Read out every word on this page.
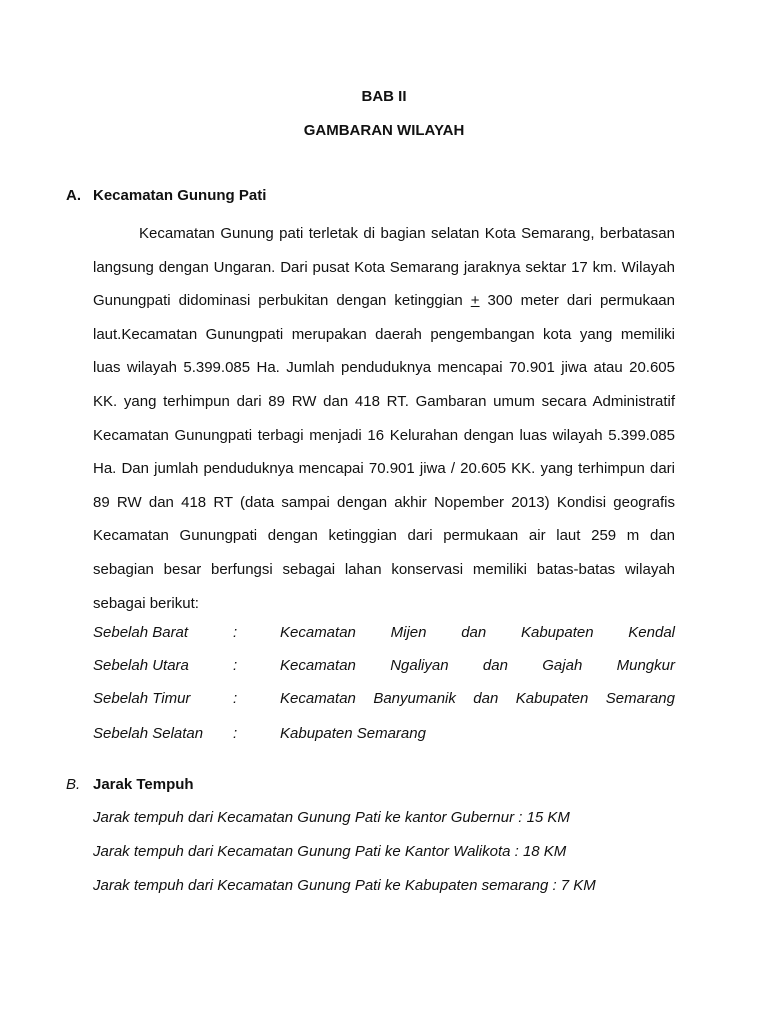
BAB II
GAMBARAN WILAYAH
A. Kecamatan Gunung Pati

Kecamatan Gunung pati terletak di bagian selatan Kota Semarang, berbatasan langsung dengan Ungaran. Dari pusat Kota Semarang jaraknya sektar 17 km. Wilayah Gunungpati didominasi perbukitan dengan ketinggian + 300 meter dari permukaan laut.Kecamatan Gunungpati merupakan daerah pengembangan kota yang memiliki luas wilayah 5.399.085 Ha. Jumlah penduduknya mencapai 70.901 jiwa atau 20.605 KK. yang terhimpun dari 89 RW dan 418 RT. Gambaran umum secara Administratif Kecamatan Gunungpati terbagi menjadi 16 Kelurahan dengan luas wilayah 5.399.085 Ha. Dan jumlah penduduknya mencapai 70.901 jiwa / 20.605 KK. yang terhimpun dari 89 RW dan 418 RT (data sampai dengan akhir Nopember 2013) Kondisi geografis Kecamatan Gunungpati dengan ketinggian dari permukaan air laut 259 m dan sebagian besar berfungsi sebagai lahan konservasi memiliki batas-batas wilayah sebagai berikut:

Sebelah Barat	:	Kecamatan Mijen dan Kabupaten Kendal
Sebelah Utara	:	Kecamatan Ngaliyan dan Gajah Mungkur
Sebelah Timur	:	Kecamatan Banyumanik dan Kabupaten Semarang
Sebelah Selatan :	Kabupaten Semarang
B. Jarak Tempuh

Jarak tempuh dari Kecamatan Gunung Pati ke kantor Gubernur : 15 KM

Jarak tempuh dari Kecamatan Gunung Pati ke Kantor Walikota : 18 KM

Jarak tempuh dari Kecamatan Gunung Pati ke Kabupaten semarang : 7 KM
